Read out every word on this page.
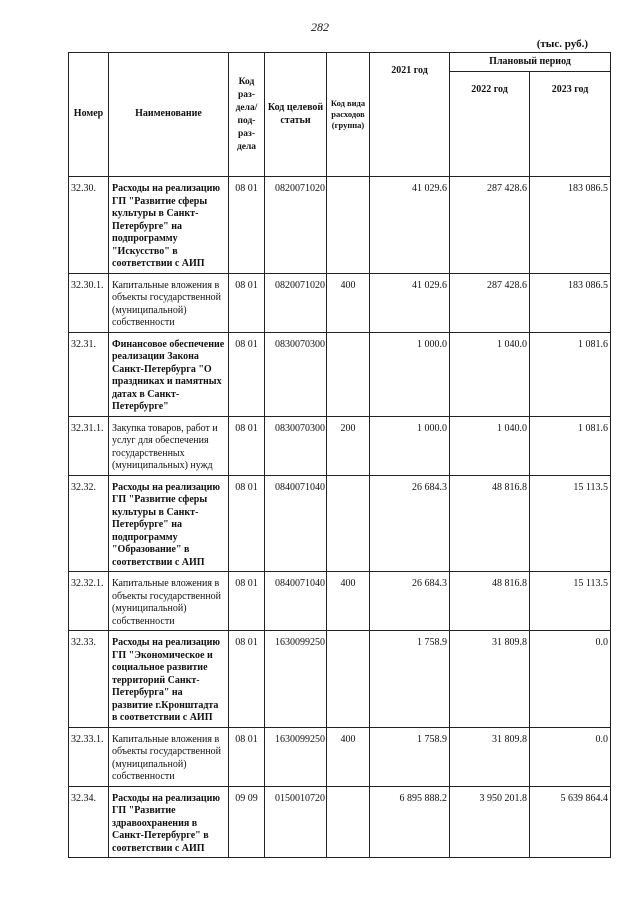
282
(тыс. руб.)
Номер	Наименование	Код раз- дела/ под- раз- дела	Код целевой статьи	Код вида расходов (группа)	2021 год	Плановый период	
						2022 год	2023 год
32.30.	Расходы на реализацию ГП "Развитие сферы культуры в Санкт-Петербурге" на подпрограмму "Искусство" в соответствии с АИП	08 01	0820071020		41 029.6	287 428.6	183 086.5
32.30.1.	Капитальные вложения в объекты государственной (муниципальной) собственности	08 01	0820071020	400	41 029.6	287 428.6	183 086.5
32.31.	Финансовое обеспечение реализации Закона Санкт-Петербурга "О праздниках и памятных датах в Санкт-Петербурге"	08 01	0830070300		1 000.0	1 040.0	1 081.6
32.31.1.	Закупка товаров, работ и услуг для обеспечения государственных (муниципальных) нужд	08 01	0830070300	200	1 000.0	1 040.0	1 081.6
32.32.	Расходы на реализацию ГП "Развитие сферы культуры в Санкт-Петербурге" на подпрограмму "Образование" в соответствии с АИП	08 01	0840071040		26 684.3	48 816.8	15 113.5
32.32.1.	Капитальные вложения в объекты государственной (муниципальной) собственности	08 01	0840071040	400	26 684.3	48 816.8	15 113.5
32.33.	Расходы на реализацию ГП "Экономическое и социальное развитие территорий Санкт-Петербурга" на развитие г.Кронштадта в соответствии с АИП	08 01	1630099250		1 758.9	31 809.8	0.0
32.33.1.	Капитальные вложения в объекты государственной (муниципальной) собственности	08 01	1630099250	400	1 758.9	31 809.8	0.0
32.34.	Расходы на реализацию ГП "Развитие здравоохранения в Санкт-Петербурге" в соответствии с АИП	09 09	0150010720		6 895 888.2	3 950 201.8	5 639 864.4
